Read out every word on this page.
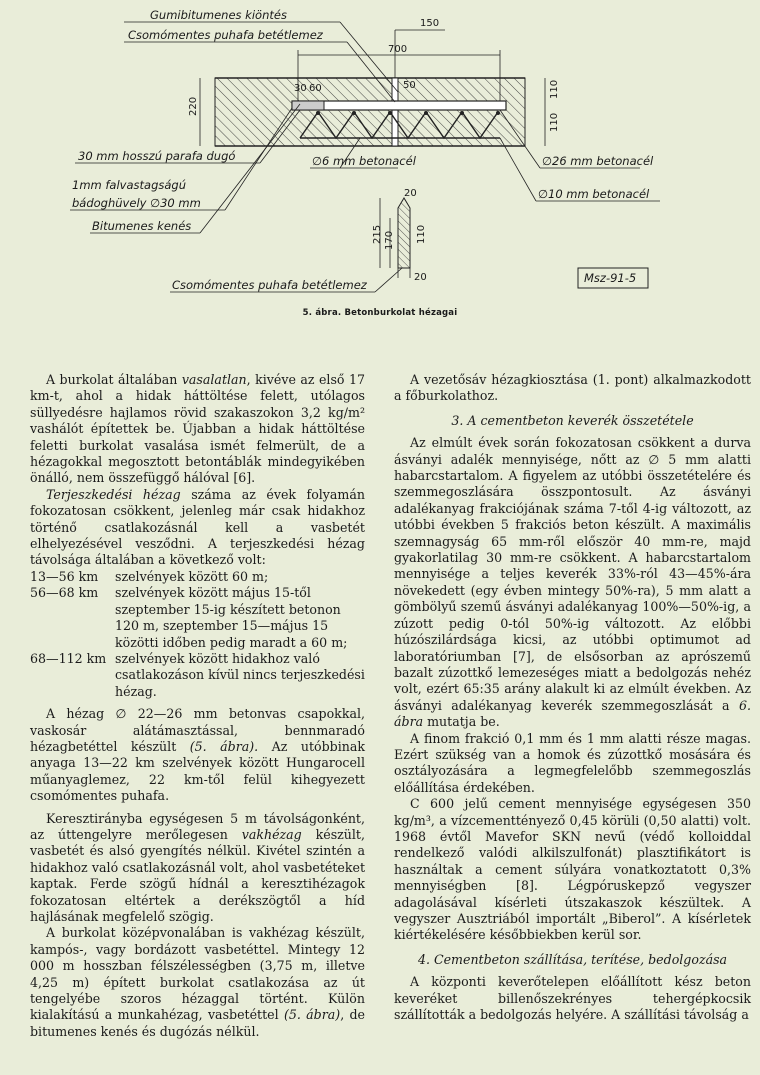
150
700
30 60	50
220
110
110
Gumibitumenes kiöntés
Csomómentes puhafa betétlemez
30 mm hosszú parafa dugó	∅6 mm betonacél	∅26 mm betonacél
∅10 mm betonacél
1mm falvastagságú
bádoghüvely ∅30 mm
Bitumenes kenés
Csomómentes puhafa betétlemez
215 170 110
20
20	Msz-91-5
5. ábra. Betonburkolat hézagai

A burkolat általában vasalatlan, kivéve az első 17 km-t, ahol a hidak háttöltése felett, utólagos süllyedésre hajlamos rövid szakaszokon 3,2 kg/m² vashálót építettek be. Újabban a hidak háttöltése feletti burkolat vasalása ismét felmerült, de a hézagokkal megosztott betontáblák mindegyikében önálló, nem összefüggő hálóval [6].

Terjeszkedési hézag száma az évek folyamán fokozatosan csökkent, jelenleg már csak hidakhoz történő csatlakozásnál kell a vasbetét elhelyezésével vesződni. A terjeszkedési hézag távolsága általában a következő volt:

13—56 km	szelvények között 60 m;
56—68 km	szelvények között május 15-től szeptember 15-ig készített betonon 120 m, szeptember 15—május 15 közötti időben pedig maradt a 60 m;
68—112 km szelvények között hidakhoz való csatlakozáson kívül nincs terjeszkedési hézag.

A hézag ∅ 22—26 mm betonvas csapokkal, vaskosár alátámasztással, bennmaradó hézagbetéttel készült (5. ábra). Az utóbbinak anyaga 13—22 km szelvények között Hungarocell műanyaglemez, 22 km-től felül kihegyezett csomómentes puhafa.

Keresztirányba egységesen 5 m távolságonként, az úttengelyre merőlegesen vakhézag készült, vasbetét és alsó gyengítés nélkül. Kivétel szintén a hidakhoz való csatlakozásnál volt, ahol vasbetéteket kaptak. Ferde szögű hídnál a keresztihézagok fokozatosan eltértek a derékszögtől a híd hajlásának megfelelő szögig.

A burkolat középvonalában is vakhézag készült, kampós-, vagy bordázott vasbetéttel. Mintegy 12 000 m hosszban félszélességben (3,75 m, illetve 4,25 m) épített burkolat csatlakozása az út tengelyébe szoros hézaggal történt. Külön kialakítású a munkahézag, vasbetéttel (5. ábra), de bitumenes kenés és dugózás nélkül.

A vezetősáv hézagkiosztása (1. pont) alkalmazkodott a főburkolathoz.

3. A cementbeton keverék összetétele

Az elmúlt évek során fokozatosan csökkent a durva ásványi adalék mennyisége, nőtt az ∅ 5 mm alatti habarcstartalom. A figyelem az utóbbi összetételére és szemmegoszlására összpontosult. Az ásványi adalékanyag frakciójának száma 7-től 4-ig változott, az utóbbi években 5 frakciós beton készült. A maximális szemnagyság 65 mm-ről először 40 mm-re, majd gyakorlatilag 30 mm-re csökkent. A habarcstartalom mennyisége a teljes keverék 33%-ról 43—45%-ára növekedett (egy évben mintegy 50%-ra), 5 mm alatt a gömbölyű szemű ásványi adalékanyag 100%—50%-ig, a zúzott pedig 0-tól 50%-ig változott. Az előbbi húzószilárdsága kicsi, az utóbbi optimumot ad laboratóriumban [7], de elsősorban az aprószemű bazalt zúzottkő lemezeséges miatt a bedolgozás nehéz volt, ezért 65:35 arány alakult ki az elmúlt években. Az ásványi adalékanyag keverék szemmegoszlását a 6. ábra mutatja be.

A finom frakció 0,1 mm és 1 mm alatti része magas. Ezért szükség van a homok és zúzottkő mosására és osztályozására a legmegfelelőbb szemmegoszlás előállítása érdekében.

C 600 jelű cement mennyisége egységesen 350 kg/m³, a vízcementtényező 0,45 körüli (0,50 alatti) volt. 1968 évtől Mavefor SKN nevű (védő kolloiddal rendelkező valódi alkilszulfonát) plasztifikátort is használtak a cement súlyára vonatkoztatott 0,3% mennyiségben [8]. Légpóruskepző vegyszer adagolásával kísérleti útszakaszok készültek. A vegyszer Ausztriából importált „Biberol”. A kísérletek kiértékelésére későbbiekben kerül sor.

4. Cementbeton szállítása, terítése, bedolgozása

A központi keverőtelepen előállított kész beton keveréket billenőszekrényes tehergépkocsik szállították a bedolgozás helyére. A szállítási távolság a
